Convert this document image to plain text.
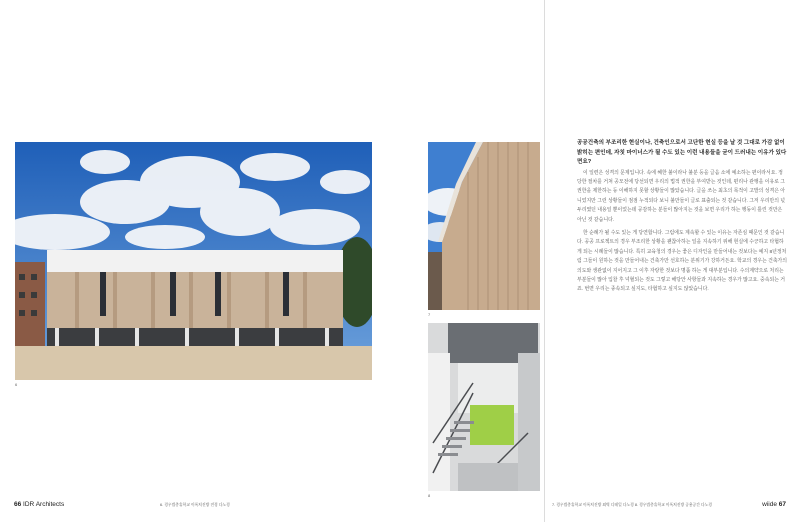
6
66 IDR Architects	6. 경우법총휴학교 이폭처진방 전경 다노경
7
8

공공건축의 부조리한 현실이나, 건축인으로서 고단한 현실 등을 날 것 그대로 가감 없이 밝히는 편인데, 자칫 마이너스가 될 수도 있는 이런 내용들을 굳이 드러내는 이유가 있다면요?

이 일련은 성격의 문제입니다. 속에 혜한 불이라나 불분 등을 글음 소에 예소하는 편이라서요. 정당한 절차를 거쳐 공모전에 당선되면 우리의 법적 권한을 부여받는 것인데, 편리나 관행을 이유로 그 권한을 제한하는 등 이해하지 못할 상황들이 많았습니다. 글을 쓰는 최초의 목적이 고발의 성격은 아니었지만 그런 상황들이 점점 누적되다 보니 불만들이 글로 표출되는 것 같습니다. 그저 우리만의 넋두리였던 내용일 뿐이었는데 공감하는 분들이 많아지는 것을 보면 우리가 하는 행동이 틀린 것만은 아닌 것 같습니다.

한 순례가 될 수도 있는 게 당연합니다. 그럼에도 계속할 수 있는 이유는 자존심 때문인 것 같습니다. 공공 프로젝트의 경우 부조리한 상황을 괜찮아하는 일을 지속하기 위해 현실에 수긍하고 타협하게 되는 시례들이 많습니다. 특히 교육청의 경우는 좋은 디자인을 만들어내는 것보다는 예지 8년정처럼 그들이 원하는 것을 만들어내는 건축가만 선호하는 분위기가 강하거든요. 학교의 경우는 건축가의 의도와 생관없이 지어지고 그 이후 자랑한 것보다 명품 하는 게 대부분입니다. 수의계약으로 처리는 부분들이 많아 입찰 후 넉혈되는 것도 그렇고 해당안 사항들과 지속하는 경우가 많고요. 중속되는 거죠. 번면 우리는 종속되고 싶지도, 타협하고 싶지도 않았습니다.

7. 경우법총휴학교 이폭처진방 외벽 디테일 다노경 8. 경우법총휴학교 이폭처진방 공용공간 다노경	wiide 67
